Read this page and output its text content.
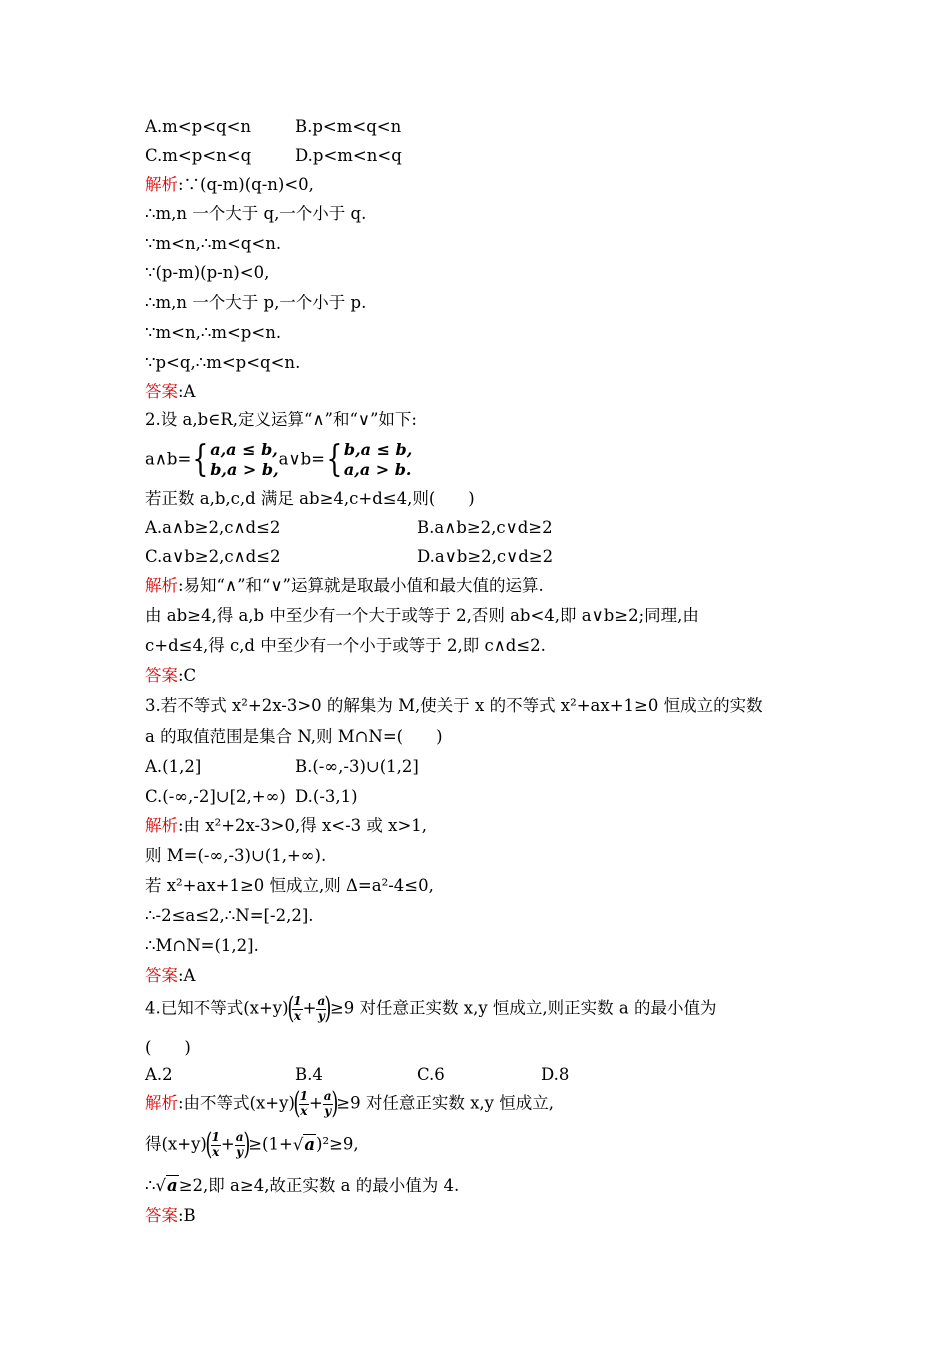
A.m<p<q<n	B.p<m<q<n
C.m<p<n<q	D.p<m<n<q
解析:∵(q-m)(q-n)<0,
∴m,n 一个大于 q,一个小于 q.
∵m<n,∴m<q<n.
∵(p-m)(p-n)<0,
∴m,n 一个大于 p,一个小于 p.
∵m<n,∴m<p<n.
∵p<q,∴m<p<q<n.
答案:A
2.设 a,b∈R,定义运算“∧”和“∨”如下:
a∧b= { a,a ≤ b,
b,a > b,
a∨b= { b,a ≤ b,
a,a > b.
若正数 a,b,c,d 满足 ab≥4,c+d≤4,则(　　)
A.a∧b≥2,c∧d≤2	B.a∧b≥2,c∨d≥2
C.a∨b≥2,c∧d≤2	D.a∨b≥2,c∨d≥2
解析:易知“∧”和“∨”运算就是取最小值和最大值的运算.
由 ab≥4,得 a,b 中至少有一个大于或等于 2,否则 ab<4,即 a∨b≥2;同理,由
c+d≤4,得 c,d 中至少有一个小于或等于 2,即 c∧d≤2.
答案:C
3.若不等式 x²+2x-3>0 的解集为 M,使关于 x 的不等式 x²+ax+1≥0 恒成立的实数
a 的取值范围是集合 N,则 M∩N=(　　)
A.(1,2]	B.(-∞,-3)∪(1,2]
C.(-∞,-2]∪[2,+∞) D.(-3,1)
解析:由 x²+2x-3>0,得 x<-3 或 x>1,
则 M=(-∞,-3)∪(1,+∞).
若 x²+ax+1≥0 恒成立,则 Δ=a²-4≤0,
∴-2≤a≤2,∴N=[-2,2].
∴M∩N=(1,2].
答案:A
4.已知不等式(x+y)(
$\frac{1}{x} + \frac{a}{y}$
)≥9 对任意正实数 x,y 恒成立,则正实数 a 的最小值为
(　　)
A.2	B.4	C.6	D.8
解析:由不等式(x+y)(
$\frac{1}{x} + \frac{a}{y}$
)≥9 对任意正实数 x,y 恒成立,
得(x+y)(
$\frac{1}{x} + \frac{a}{y}$
)≥(1+√a)²≥9,
∴√a≥2,即 a≥4,故正实数 a 的最小值为 4.
答案:B
